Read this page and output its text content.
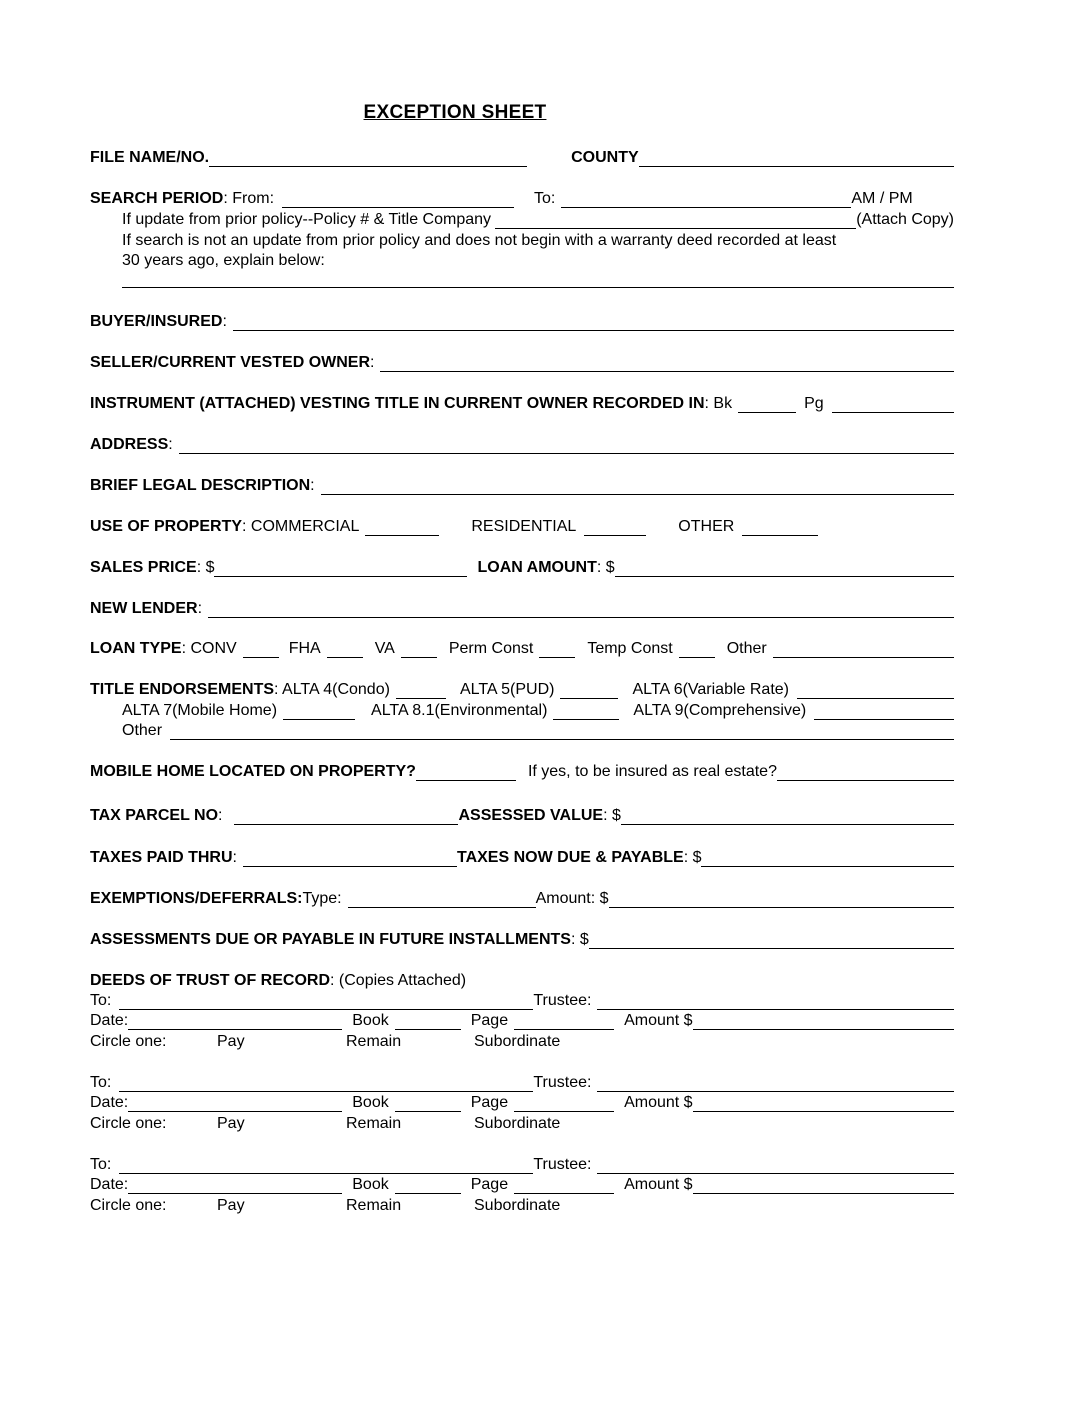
EXCEPTION SHEET
FILE NAME/NO.	COUNTY
SEARCH PERIOD : From:	To:	AM / PM
If update from prior policy--Policy # & Title Company	(Attach Copy)
If search is not an update from prior policy and does not begin with a warranty deed recorded at least
30 years ago, explain below:
BUYER/INSURED :
SELLER/CURRENT VESTED OWNER :
INSTRUMENT (ATTACHED) VESTING TITLE IN CURRENT OWNER RECORDED IN : Bk	Pg
ADDRESS :
BRIEF LEGAL DESCRIPTION :
USE OF PROPERTY : COMMERCIAL	RESIDENTIAL	OTHER
SALES PRICE : $	LOAN AMOUNT : $
NEW LENDER :
LOAN TYPE : CONV	FHA	VA	Perm Const	Temp Const	Other
TITLE ENDORSEMENTS : ALTA 4(Condo)	ALTA 5(PUD)	ALTA 6(Variable Rate)
ALTA 7(Mobile Home)	ALTA 8.1(Environmental)	ALTA 9(Comprehensive)
Other
MOBILE HOME LOCATED ON PROPERTY?	If yes, to be insured as real estate?
TAX PARCEL NO :	ASSESSED VALUE : $
TAXES PAID THRU :	TAXES NOW DUE & PAYABLE : $
EXEMPTIONS/DEFERRALS: Type:	Amount: $
ASSESSMENTS DUE OR PAYABLE IN FUTURE INSTALLMENTS : $
DEEDS OF TRUST OF RECORD : (Copies Attached)
To:	Trustee:
Date:	Book	Page	Amount $
Circle one:	Pay	Remain	Subordinate
To:	Trustee:
Date:	Book	Page	Amount $
Circle one:	Pay	Remain	Subordinate
To:	Trustee:
Date:	Book	Page	Amount $
Circle one:	Pay	Remain	Subordinate
